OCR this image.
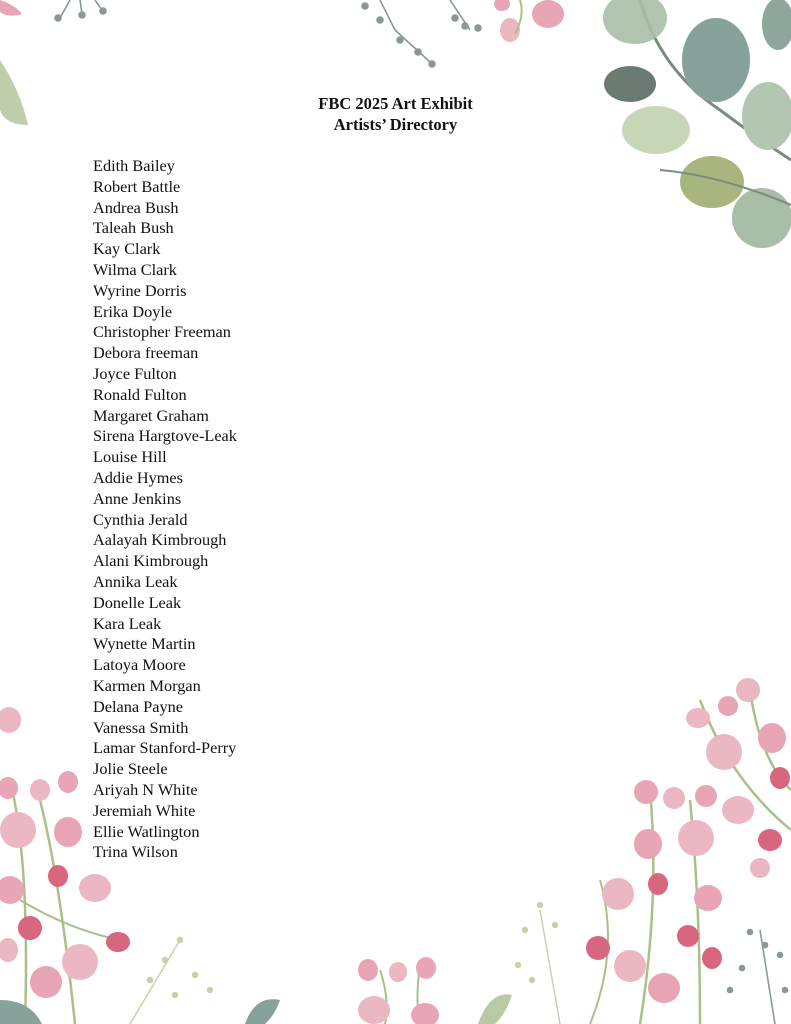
FBC 2025 Art Exhibit
Artists’ Directory
Edith Bailey
Robert Battle
Andrea Bush
Taleah Bush
Kay Clark
Wilma Clark
Wyrine Dorris
Erika Doyle
Christopher Freeman
Debora freeman
Joyce Fulton
Ronald Fulton
Margaret Graham
Sirena Hargtove-Leak
Louise Hill
Addie Hymes
Anne Jenkins
Cynthia Jerald
Aalayah Kimbrough
Alani Kimbrough
Annika Leak
Donelle Leak
Kara Leak
Wynette Martin
Latoya Moore
Karmen Morgan
Delana Payne
Vanessa Smith
Lamar Stanford-Perry
Jolie Steele
Ariyah N White
Jeremiah White
Ellie Watlington
Trina Wilson
